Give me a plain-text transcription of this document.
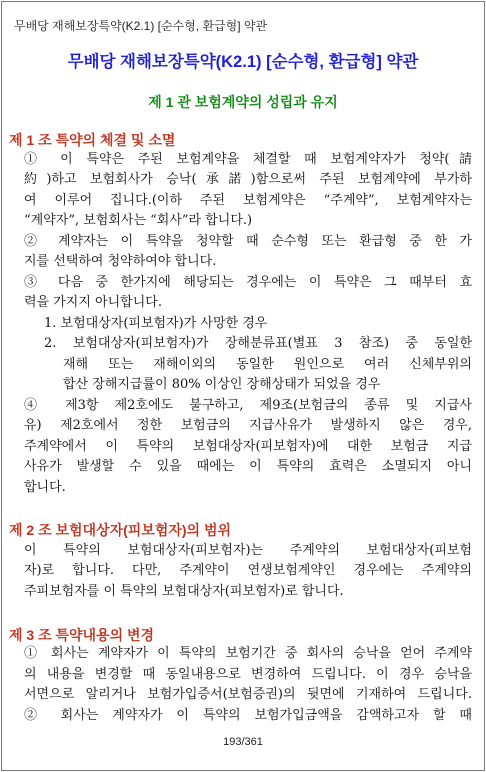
무배당 재해보장특약(K2.1) [순수형, 환급형] 약관
무배당 재해보장특약(K2.1) [순수형, 환급형] 약관
제 1 관 보험계약의 성립과 유지
제 1 조 특약의 체결 및 소멸
① 이 특약은 주된 보험계약을 체결할 때 보험계약자가 청약(請
約)하고 보험회사가 승낙(承諾)함으로써 주된 보험계약에 부가하
여 이루어 집니다.(이하 주된 보험계약은 “주계약”, 보험계약자는
“계약자”, 보험회사는 “회사”라 합니다.)
② 계약자는 이 특약을 청약할 때 순수형 또는 환급형 중 한 가
지를 선택하여 청약하여야 합니다.
③ 다음 중 한가지에 해당되는 경우에는 이 특약은 그 때부터 효
력을 가지지 아니합니다.
1. 보험대상자(피보험자)가 사망한 경우
2. 보험대상자(피보험자)가 장해분류표(별표 3 참조) 중 동일한
재해 또는 재해이외의 동일한 원인으로 여러 신체부위의
합산 장해지급률이 80% 이상인 장해상태가 되었을 경우
④ 제3항 제2호에도 불구하고, 제9조(보험금의 종류 및 지급사
유) 제2호에서 정한 보험금의 지급사유가 발생하지 않은 경우,
주계약에서 이 특약의 보험대상자(피보험자)에 대한 보험금 지급
사유가 발생할 수 있을 때에는 이 특약의 효력은 소멸되지 아니
합니다.
제 2 조 보험대상자(피보험자)의 범위
이 특약의 보험대상자(피보험자)는 주계약의 보험대상자(피보험
자)로 합니다. 다만, 주계약이 연생보험계약인 경우에는 주계약의
주피보험자를 이 특약의 보험대상자(피보험자)로 합니다.
제 3 조 특약내용의 변경
① 회사는 계약자가 이 특약의 보험기간 중 회사의 승낙을 얻어 주계약
의 내용을 변경할 때 동일내용으로 변경하여 드립니다. 이 경우 승낙을
서면으로 알리거나 보험가입증서(보험증권)의 뒷면에 기재하여 드립니다.
② 회사는 계약자가 이 특약의 보험가입금액을 감액하고자 할 때
193/361
